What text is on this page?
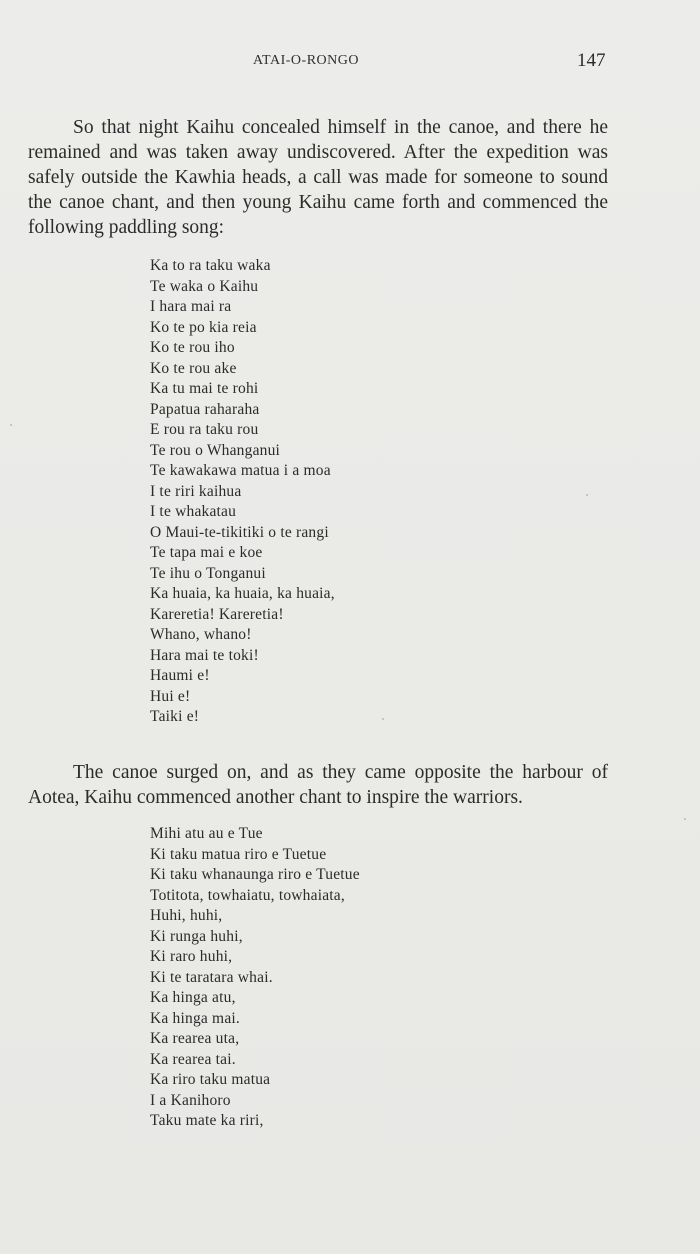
ATAI-O-RONGO	147

So that night Kaihu concealed himself in the canoe, and there he remained and was taken away undiscovered. After the expedition was safely outside the Kawhia heads, a call was made for someone to sound the canoe chant, and then young Kaihu came forth and commenced the following paddling song:

Ka to ra taku waka
Te waka o Kaihu
I hara mai ra
Ko te po kia reia
Ko te rou iho
Ko te rou ake
Ka tu mai te rohi
Papatua raharaha
E rou ra taku rou
Te rou o Whanganui
Te kawakawa matua i a moa
I te riri kaihua
I te whakatau
O Maui-te-tikitiki o te rangi
Te tapa mai e koe
Te ihu o Tonganui
Ka huaia, ka huaia, ka huaia,
Kareretia! Kareretia!
Whano, whano!
Hara mai te toki!
Haumi e!
Hui e!
Taiki e!

The canoe surged on, and as they came opposite the harbour of Aotea, Kaihu commenced another chant to inspire the warriors.

Mihi atu au e Tue
Ki taku matua riro e Tuetue
Ki taku whanaunga riro e Tuetue
Totitota, towhaiatu, towhaiata,
Huhi, huhi,
Ki runga huhi,
Ki raro huhi,
Ki te taratara whai.
Ka hinga atu,
Ka hinga mai.
Ka rearea uta,
Ka rearea tai.
Ka riro taku matua
I a Kanihoro
Taku mate ka riri,
